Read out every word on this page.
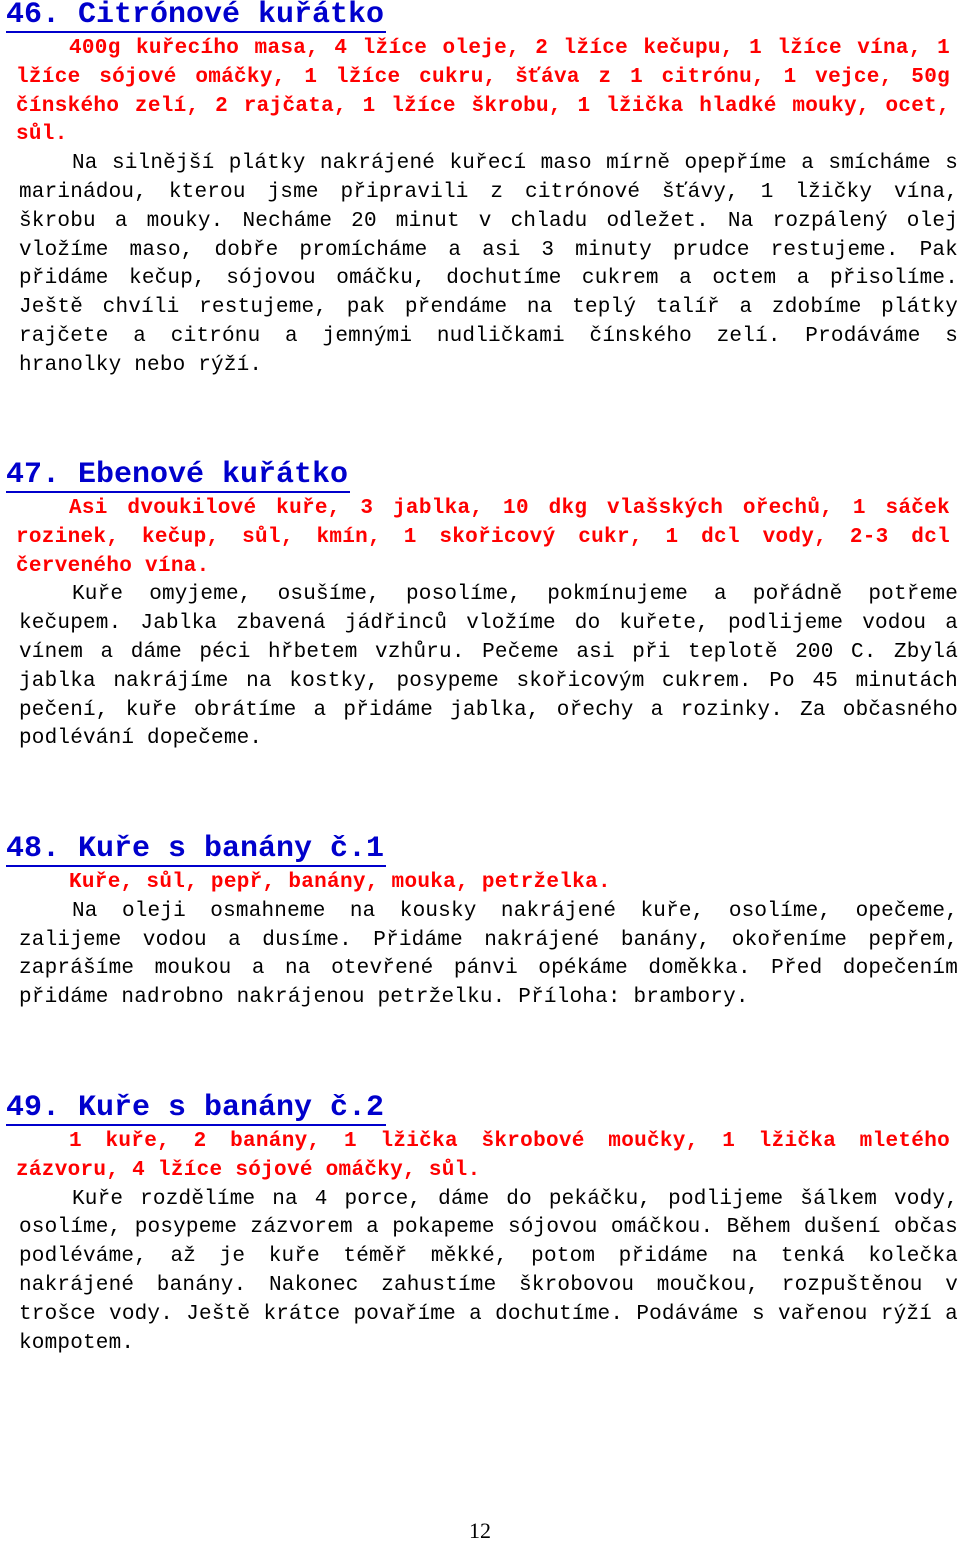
46. Citrónové kuřátko

400g kuřecího masa, 4 lžíce oleje, 2 lžíce kečupu, 1 lžíce vína, 1 lžíce sójové omáčky, 1 lžíce cukru, šťáva z 1 citrónu, 1 vejce, 50g čínského zelí, 2 rajčata, 1 lžíce škrobu, 1 lžička hladké mouky, ocet, sůl.

Na silnější plátky nakrájené kuřecí maso mírně opepříme a smícháme s marinádou, kterou jsme připravili z citrónové šťávy, 1 lžičky vína, škrobu a mouky. Necháme 20 minut v chladu odležet. Na rozpálený olej vložíme maso, dobře promícháme a asi 3 minuty prudce restujeme. Pak přidáme kečup, sójovou omáčku, dochutíme cukrem a octem a přisolíme. Ještě chvíli restujeme, pak přendáme na teplý talíř a zdobíme plátky rajčete a citrónu a jemnými nudličkami čínského zelí. Prodáváme s hranolky nebo rýží.

47. Ebenové kuřátko

Asi dvoukilové kuře, 3 jablka, 10 dkg vlašských ořechů, 1 sáček rozinek, kečup, sůl, kmín, 1 skořicový cukr, 1 dcl vody, 2-3 dcl červeného vína.

Kuře omyjeme, osušíme, posolíme, pokmínujeme a pořádně potřeme kečupem. Jablka zbavená jádřinců vložíme do kuřete, podlijeme vodou a vínem a dáme péci hřbetem vzhůru. Pečeme asi při teplotě 200 C. Zbylá jablka nakrájíme na kostky, posypeme skořicovým cukrem. Po 45 minutách pečení, kuře obrátíme a přidáme jablka, ořechy a rozinky. Za občasného podlévání dopečeme.

48. Kuře s banány č.1

Kuře, sůl, pepř, banány, mouka, petrželka.

Na oleji osmahneme na kousky nakrájené kuře, osolíme, opečeme, zalijeme vodou a dusíme. Přidáme nakrájené banány, okořeníme pepřem, zaprášíme moukou a na otevřené pánvi opékáme doměkka. Před dopečením přidáme nadrobno nakrájenou petrželku. Příloha: brambory.

49. Kuře s banány č.2

1 kuře, 2 banány, 1 lžička škrobové moučky, 1 lžička mletého zázvoru, 4 lžíce sójové omáčky, sůl.

Kuře rozdělíme na 4 porce, dáme do pekáčku, podlijeme šálkem vody, osolíme, posypeme zázvorem a pokapeme sójovou omáčkou. Během dušení občas podléváme, až je kuře téměř měkké, potom přidáme na tenká kolečka nakrájené banány. Nakonec zahustíme škrobovou moučkou, rozpuštěnou v trošce vody. Ještě krátce povaříme a dochutíme. Podáváme s vařenou rýží a kompotem.

12
